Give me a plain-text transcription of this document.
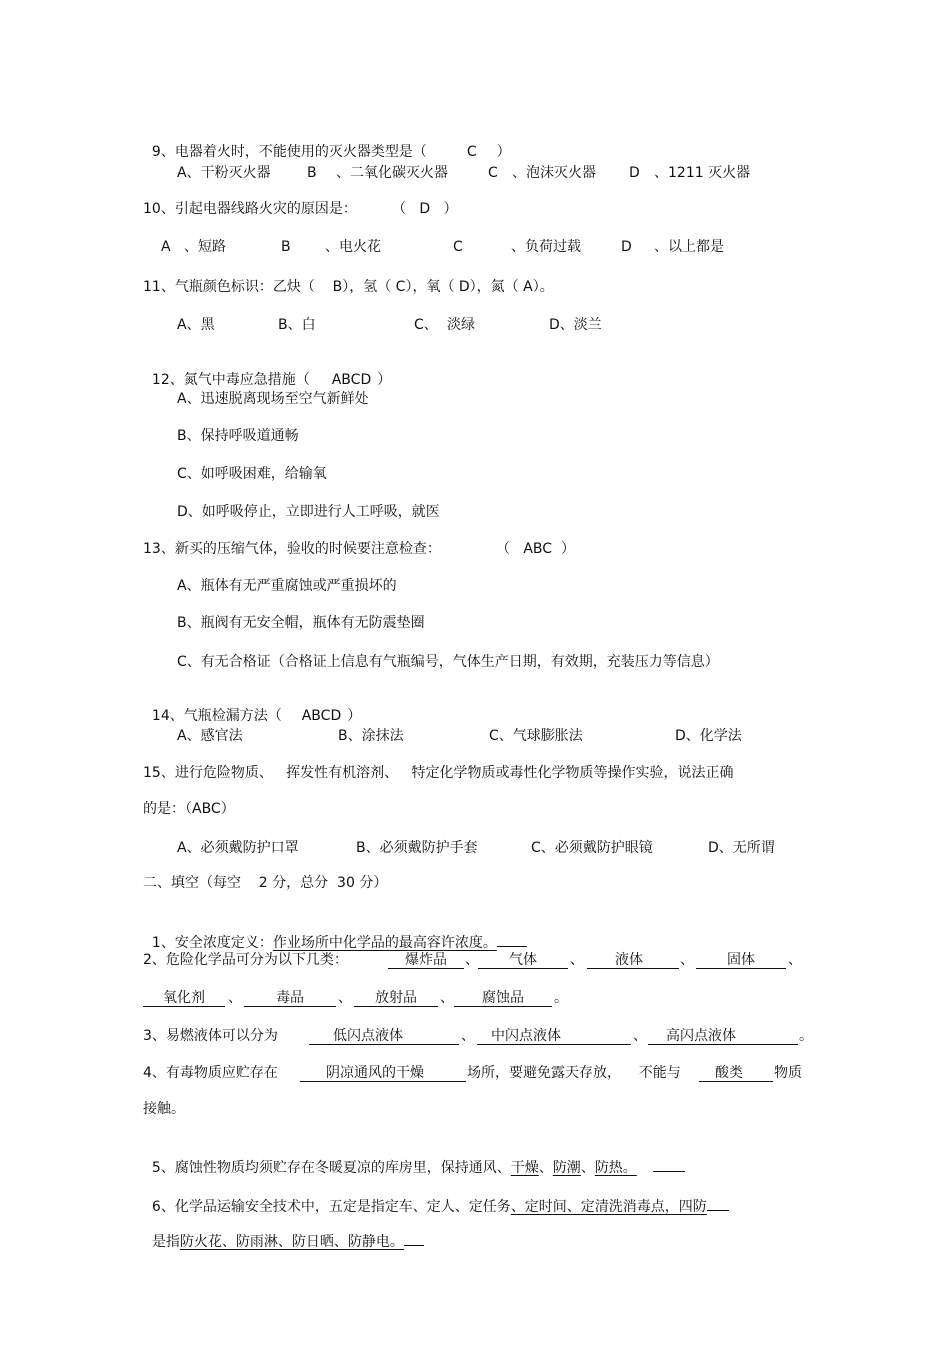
9、电器着火时，不能使用的灭火器类型是（	C ）

A、干粉灭火器	B 、二氧化碳灭火器	C 、泡沫灭火器 D 、1211 灭火器
10、引起电器线路火灾的原因是：	（   D   ）
A 、短路	B 、电火花	C	、负荷过载	D 、以上都是
11、气瓶颜色标识：乙炔（    B），氢（ C），氧（ D），氮（ A）。
A、黑	B、白	C、 淡绿	D、淡兰

12、氮气中毒应急措施（ ABCD ）

A、迅速脱离现场至空气新鲜处
B、保持呼吸道通畅
C、如呼吸困难，给输氧
D、如呼吸停止，立即进行人工呼吸，就医
13、新买的压缩气体，验收的时候要注意检查：	（   ABC  ）
A、瓶体有无严重腐蚀或严重损坏的
B、瓶阀有无安全帽，瓶体有无防震垫圈
C、有无合格证（合格证上信息有气瓶编号，气体生产日期，有效期，充装压力等信息）

14、气瓶检漏方法（ ABCD ）

A、感官法	B、涂抹法	C、气球膨胀法	D、化学法
15、进行危险物质、   挥发性有机溶剂、   特定化学物质或毒性化学物质等操作实验，说法正确
的是：（ABC）
A、必须戴防护口罩	B、必须戴防护手套	C、必须戴防护眼镜	D、无所谓
二、填空（每空    2 分，总分  30 分）

1、安全浓度定义：作业场所中化学品的最高容许浓度。

2、危险化学品可分为以下几类：	爆炸品	、	气体	、	液体	、	固体	、
氧化剂	、	毒品	、	放射品	、	腐蚀品	。
3、易燃液体可以分为	低闪点液体	、	中闪点液体	、	高闪点液体	。
4、有毒物质应贮存在	阴凉通风的干燥	场所，要避免露天存放，    不能与	酸类	物质
接触。

5、腐蚀性物质均须贮存在冬暖夏凉的库房里，保持通风、干燥、防潮、防热。

6、化学品运输安全技术中，五定是指定车、定人、定任务、定时间、定清洗消毒点，四防

是指防火花、防雨淋、防日晒、防静电。
